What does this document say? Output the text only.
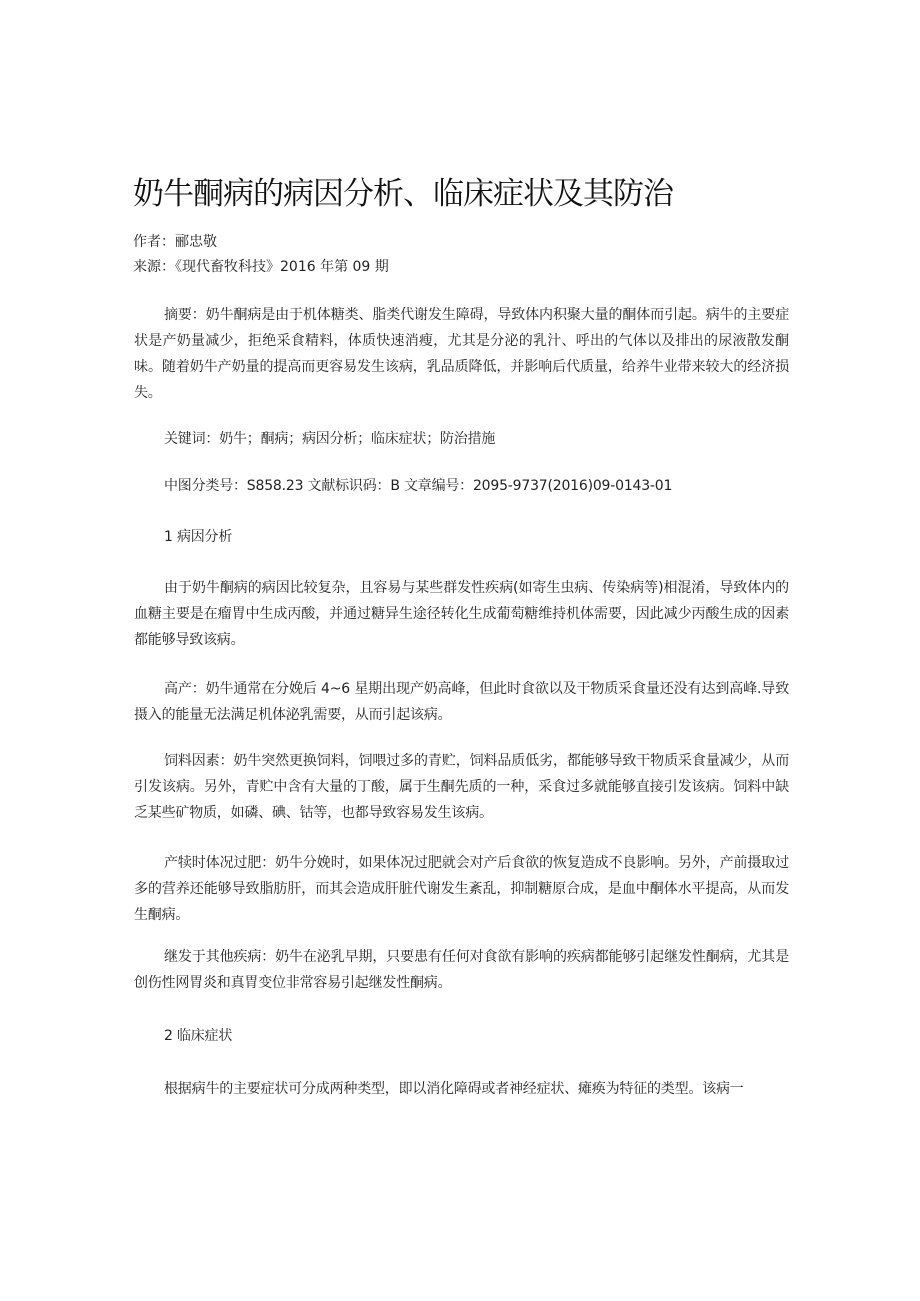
奶牛酮病的病因分析、临床症状及其防治
作者：郦忠敬
来源：《现代畜牧科技》2016 年第 09 期
摘要：奶牛酮病是由于机体糖类、脂类代谢发生障碍，导致体内积聚大量的酮体而引起。病牛的主要症状是产奶量减少，拒绝采食精料，体质快速消瘦，尤其是分泌的乳汁、呼出的气体以及排出的尿液散发酮味。随着奶牛产奶量的提高而更容易发生该病，乳品质降低，并影响后代质量，给养牛业带来较大的经济损失。
关键词：奶牛；酮病；病因分析；临床症状；防治措施
中图分类号：S858.23 文献标识码：B 文章编号：2095-9737(2016)09-0143-01
1 病因分析
由于奶牛酮病的病因比较复杂，且容易与某些群发性疾病(如寄生虫病、传染病等)相混淆，导致体内的血糖主要是在瘤胃中生成丙酸，并通过糖异生途径转化生成葡萄糖维持机体需要，因此减少丙酸生成的因素都能够导致该病。
高产：奶牛通常在分娩后 4~6 星期出现产奶高峰，但此时食欲以及干物质采食量还没有达到高峰.导致摄入的能量无法满足机体泌乳需要，从而引起该病。
饲料因素：奶牛突然更换饲料，饲喂过多的青贮，饲料品质低劣，都能够导致干物质采食量减少，从而引发该病。另外，青贮中含有大量的丁酸，属于生酮先质的一种，采食过多就能够直接引发该病。饲料中缺乏某些矿物质，如磷、碘、钴等，也都导致容易发生该病。
产犊时体况过肥：奶牛分娩时，如果体况过肥就会对产后食欲的恢复造成不良影响。另外，产前摄取过多的营养还能够导致脂肪肝，而其会造成肝脏代谢发生紊乱，抑制糖原合成，是血中酮体水平提高，从而发生酮病。
继发于其他疾病：奶牛在泌乳早期，只要患有任何对食欲有影响的疾病都能够引起继发性酮病，尤其是创伤性网胃炎和真胃变位非常容易引起继发性酮病。
2 临床症状
根据病牛的主要症状可分成两种类型，即以消化障碍或者神经症状、瘫痪为特征的类型。该病一
